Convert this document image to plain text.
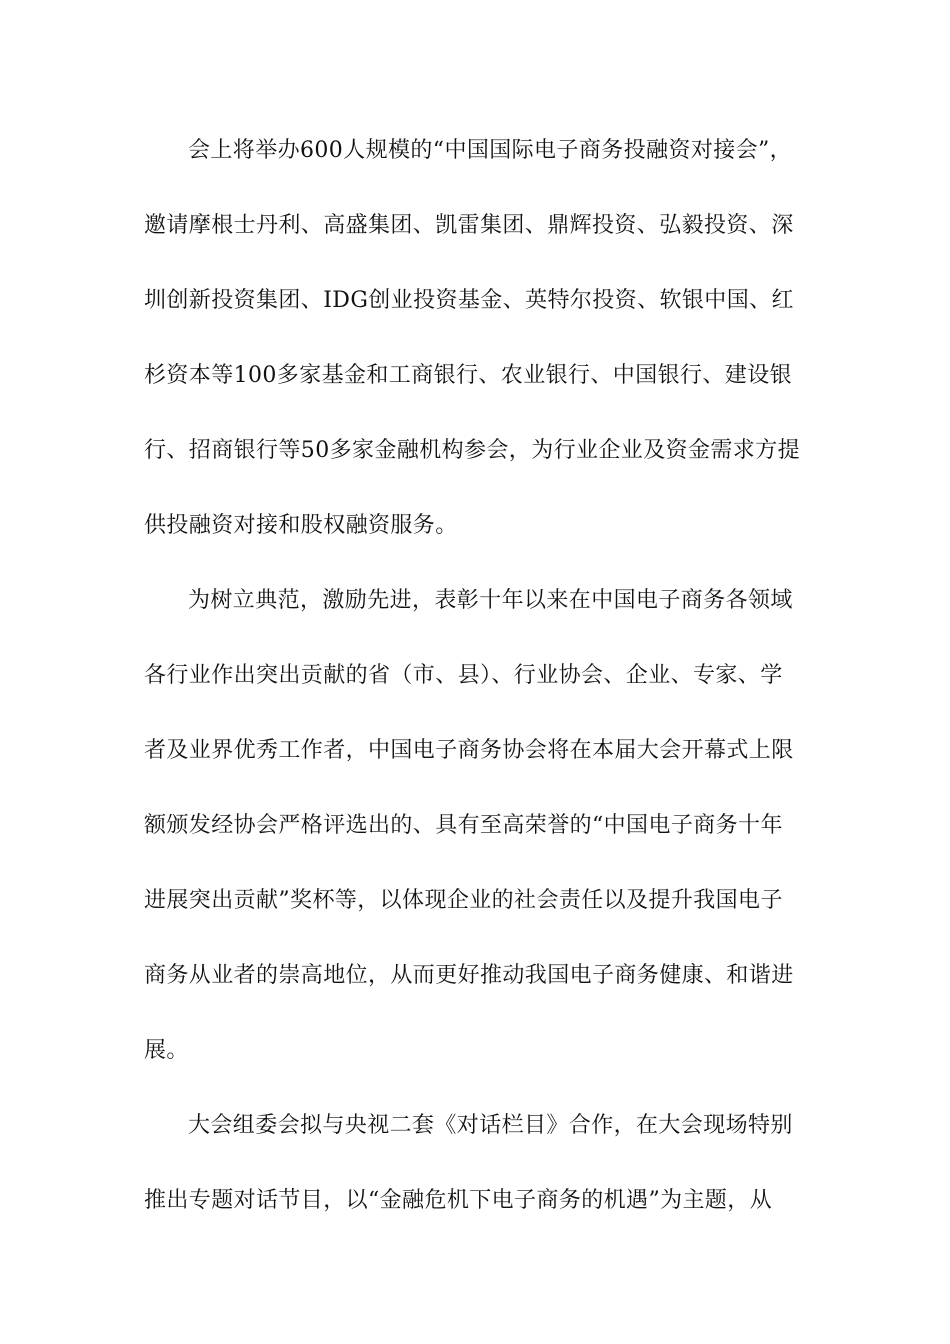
会上将举办600人规模的“中国国际电子商务投融资对接会”，
邀请摩根士丹利、高盛集团、凯雷集团、鼎辉投资、弘毅投资、深
圳创新投资集团、IDG创业投资基金、英特尔投资、软银中国、红
杉资本等100多家基金和工商银行、农业银行、中国银行、建设银
行、招商银行等50多家金融机构参会，为行业企业及资金需求方提
供投融资对接和股权融资服务。
为树立典范，激励先进，表彰十年以来在中国电子商务各领域
各行业作出突出贡献的省（市、县）、行业协会、企业、专家、学
者及业界优秀工作者，中国电子商务协会将在本届大会开幕式上限
额颁发经协会严格评选出的、具有至高荣誉的“中国电子商务十年
进展突出贡献”奖杯等，以体现企业的社会责任以及提升我国电子
商务从业者的崇高地位，从而更好推动我国电子商务健康、和谐进
展。
大会组委会拟与央视二套《对话栏目》合作，在大会现场特别
推出专题对话节目，以“金融危机下电子商务的机遇”为主题，从
